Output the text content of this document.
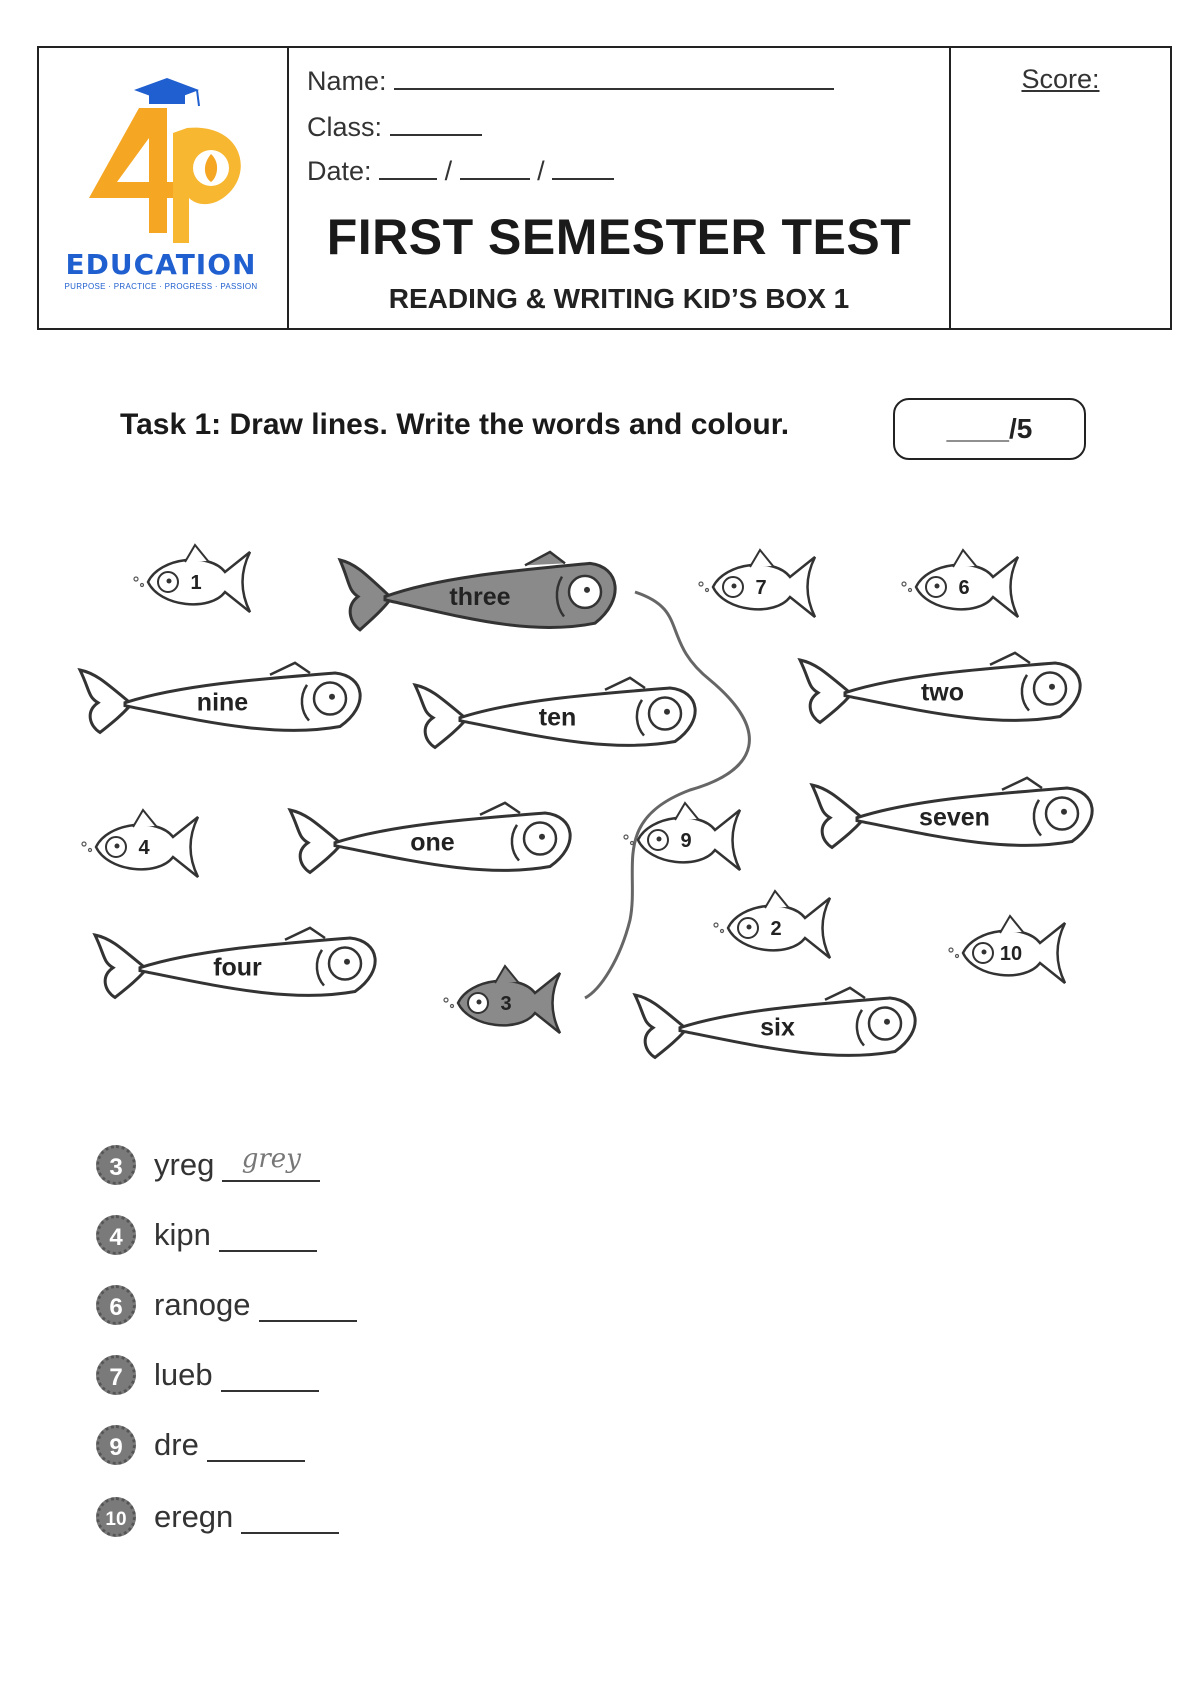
EDUCATION
PURPOSE · PRACTICE · PROGRESS · PASSION
Name:
Class:
Date:	/	/
FIRST SEMESTER TEST
READING & WRITING KID’S BOX 1
Score:
Task 1: Draw lines. Write the words and colour.	____/5
three
nine
ten
two
one
seven
four
six
1	7	6
4	9
2
3
10
3	yreg	grey
4	kipn
6	ranoge
7	lueb
9	dre
10 eregn
